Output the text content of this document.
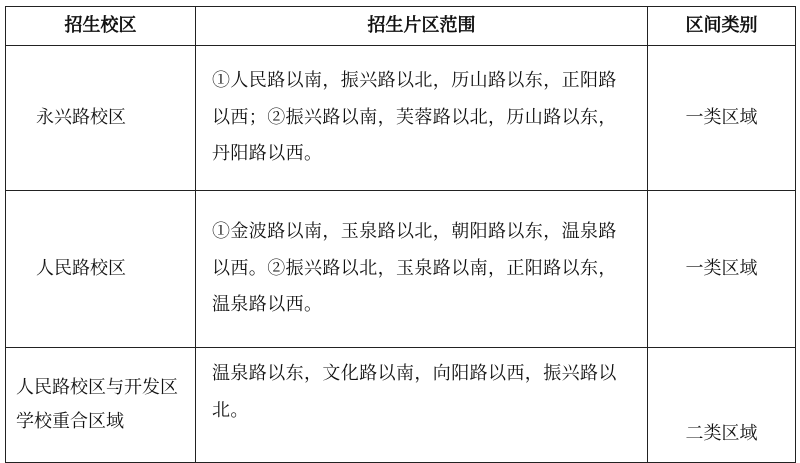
招生校区	招生片区范围	区间类别
永兴路校区	①人民路以南，振兴路以北，历山路以东，正阳路以西；②振兴路以南，芙蓉路以北，历山路以东，丹阳路以西。	一类区域
人民路校区	①金波路以南，玉泉路以北，朝阳路以东，温泉路以西。②振兴路以北，玉泉路以南，正阳路以东，温泉路以西。	一类区域
人民路校区与开发区学校重合区域	温泉路以东，文化路以南，向阳路以西，振兴路以北。	二类区域
